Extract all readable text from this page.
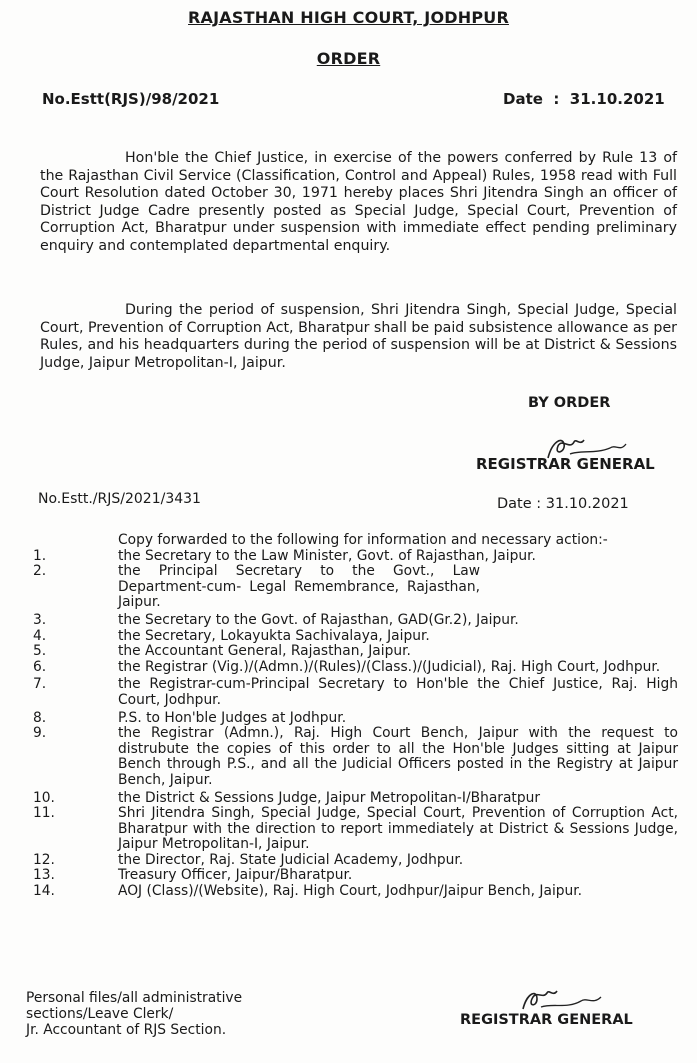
RAJASTHAN HIGH COURT, JODHPUR
ORDER
No.Estt(RJS)/98/2021	Date  :  31.10.2021
Hon'ble the Chief Justice, in exercise of the powers conferred by Rule 13 of the Rajasthan Civil Service (Classification, Control and Appeal) Rules, 1958 read with Full Court Resolution dated October 30, 1971 hereby places Shri Jitendra Singh an officer of District Judge Cadre presently posted as Special Judge, Special Court, Prevention of Corruption Act, Bharatpur under suspension with immediate effect pending preliminary enquiry and contemplated departmental enquiry.
During the period of suspension, Shri Jitendra Singh, Special Judge, Special Court, Prevention of Corruption Act, Bharatpur shall be paid subsistence allowance as per Rules, and his headquarters during the period of suspension will be at District & Sessions Judge, Jaipur Metropolitan-I, Jaipur.
BY ORDER
REGISTRAR GENERAL
No.Estt./RJS/2021/3431	Date : 31.10.2021
Copy forwarded to the following for information and necessary action:-
1.	the Secretary to the Law Minister, Govt. of Rajasthan, Jaipur.
2.	the Principal Secretary to the Govt., Law Department-cum- Legal Remembrance, Rajasthan, Jaipur.
3.	the Secretary to the Govt. of Rajasthan, GAD(Gr.2), Jaipur.
4.	the Secretary, Lokayukta Sachivalaya, Jaipur.
5.	the Accountant General, Rajasthan, Jaipur.
6.	the Registrar (Vig.)/(Admn.)/(Rules)/(Class.)/(Judicial), Raj. High Court, Jodhpur.
7.	the Registrar-cum-Principal Secretary to Hon'ble the Chief Justice, Raj. High Court, Jodhpur.
8.	P.S. to Hon'ble Judges at Jodhpur.
9.	the Registrar (Admn.), Raj. High Court Bench, Jaipur with the request to distrubute the copies of this order to all the Hon'ble Judges sitting at Jaipur Bench through P.S., and all the Judicial Officers posted in the Registry at Jaipur Bench, Jaipur.
10.	the District & Sessions Judge, Jaipur Metropolitan-I/Bharatpur
11.	Shri Jitendra Singh, Special Judge, Special Court, Prevention of Corruption Act, Bharatpur with the direction to report immediately at District & Sessions Judge, Jaipur Metropolitan-I, Jaipur.
12.	the Director, Raj. State Judicial Academy, Jodhpur.
13.	Treasury Officer, Jaipur/Bharatpur.
14.	AOJ (Class)/(Website), Raj. High Court, Jodhpur/Jaipur Bench, Jaipur.
Personal files/all administrative
sections/Leave Clerk/
Jr. Accountant of RJS Section.
REGISTRAR GENERAL
